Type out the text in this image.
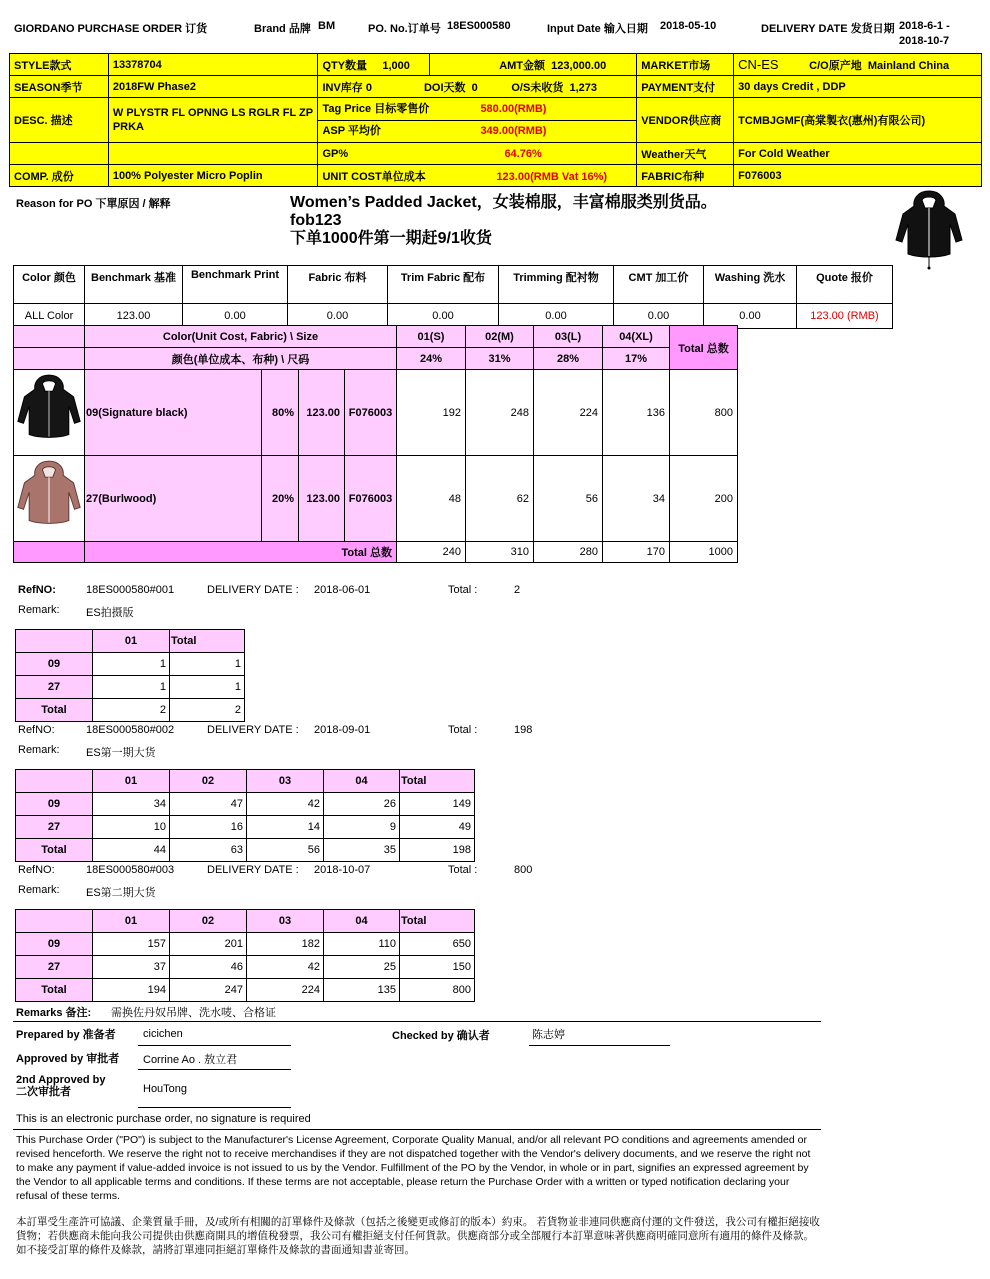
GIORDANO PURCHASE ORDER 订货	Brand 品牌 BM	PO. No.订单号 18ES000580	Input Date 输入日期 2018-05-10	DELIVERY DATE 发货日期 2018-6-1 -
2018-10-7
STYLE款式	13378704	QTY数量 1,000	AMT金额 123,000.00	MARKET市场	CN-ES C/O原产地 Mainland China
SEASON季节	2018FW Phase2	INV库存 0 DOI天数 0 O/S未收货 1,273		PAYMENT支付	30 days Credit , DDP
DESC. 描述	W PLYSTR FL OPNNG LS RGLR FL ZP PRKA	Tag Price 目标零售价 580.00(RMB)
ASP 平均价 349.00(RMB)		VENDOR供应商	TCMBJGMF(高棠製衣(惠州)有限公司)
		GP% 64.76%		Weather天气	For Cold Weather
COMP. 成份	100% Polyester Micro Poplin	UNIT COST单位成本 123.00(RMB Vat 16%)		FABRIC布种	F076003
Reason for PO 下單原因 / 解释	Women’s Padded Jacket，女装棉服，丰富棉服类别货品。
fob123
下单1000件第一期赶9/1收货
Color 颜色	Benchmark 基准	Benchmark Print	Fabric 布料	Trim Fabric 配布	Trimming 配衬物	CMT 加工价	Washing 洗水	Quote 报价
ALL Color	123.00	0.00	0.00	0.00	0.00	0.00	0.00	123.00 (RMB)
	Color(Unit Cost, Fabric) \ Size				01(S)	02(M)	03(L)	04(XL)	Total 总数
	颜色(单位成本、布种) \ 尺码				24%	31%	28%	17%	
	09(Signature black)	80%	123.00	F076003	192	248	224	136	800
	27(Burlwood)	20%	123.00	F076003	48	62	56	34	200
	Total 总数				240	310	280	170	1000
RefNO:	18ES000580#001	DELIVERY DATE : 2018-06-01	Total :	2
Remark: ES拍摄版
	01	Total
09	1	1
27	1	1
Total	2	2
RefNO:	18ES000580#002	DELIVERY DATE : 2018-09-01	Total :	198
Remark: ES第一期大货
	01	02	03	04	Total
09	34	47	42	26	149
27	10	16	14	9	49
Total	44	63	56	35	198
RefNO:	18ES000580#003	DELIVERY DATE : 2018-10-07	Total :	800
Remark: ES第二期大货
	01	02	03	04	Total
09	157	201	182	110	650
27	37	46	42	25	150
Total	194	247	224	135	800
Remarks 备注: 需换佐丹奴吊牌、洗水唛、合格证
Prepared by 准备者 cicichen	Checked by 确认者	陈志婷
Approved by 审批者 Corrine Ao . 敖立君
2nd Approved by
二次审批者	HouTong
This is an electronic purchase order, no signature is required
This Purchase Order ("PO") is subject to the Manufacturer's License Agreement, Corporate Quality Manual, and/or all relevant PO conditions and agreements amended or revised henceforth. We reserve the right not to receive merchandises if they are not dispatched together with the Vendor's delivery documents, and we reserve the right not to make any payment if value-added invoice is not issued to us by the Vendor. Fulfillment of the PO by the Vendor, in whole or in part, signifies an expressed agreement by the Vendor to all applicable terms and conditions. If these terms are not acceptable, please return the Purchase Order with a written or typed notification declaring your refusal of these terms.
本訂單受生產許可協議、企業質量手冊，及/或所有相關的訂單條件及條款（包括之後變更或修訂的版本）約束。 若貨物並非連同供應商付運的文件發送，我公司有權拒絕接收貨物；若供應商未能向我公司提供由供應商開具的增值稅發票，我公司有權拒絕支付任何貨款。供應商部分或全部履行本訂單意味著供應商明確同意所有適用的條件及條款。如不接受訂單的條件及條款，請將訂單連同拒絕訂單條件及條款的書面通知書並寄回。
